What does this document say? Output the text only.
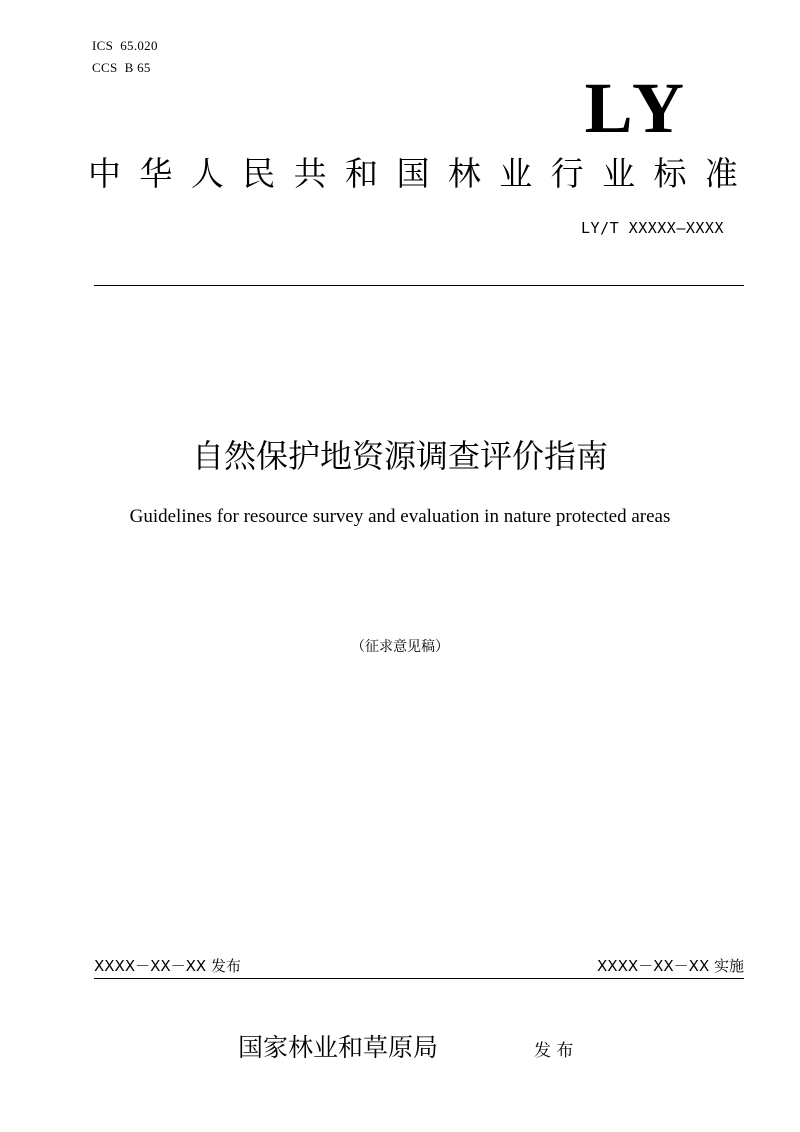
ICS  65.020
CCS  B 65
LY
中 华 人 民 共 和 国 林 业 行 业 标 准
LY/T XXXXX—XXXX
自然保护地资源调查评价指南
Guidelines for resource survey and evaluation in nature protected areas
（征求意见稿）
XXXX－XX－XX 发布	XXXX－XX－XX 实施
国家林业和草原局	发 布
